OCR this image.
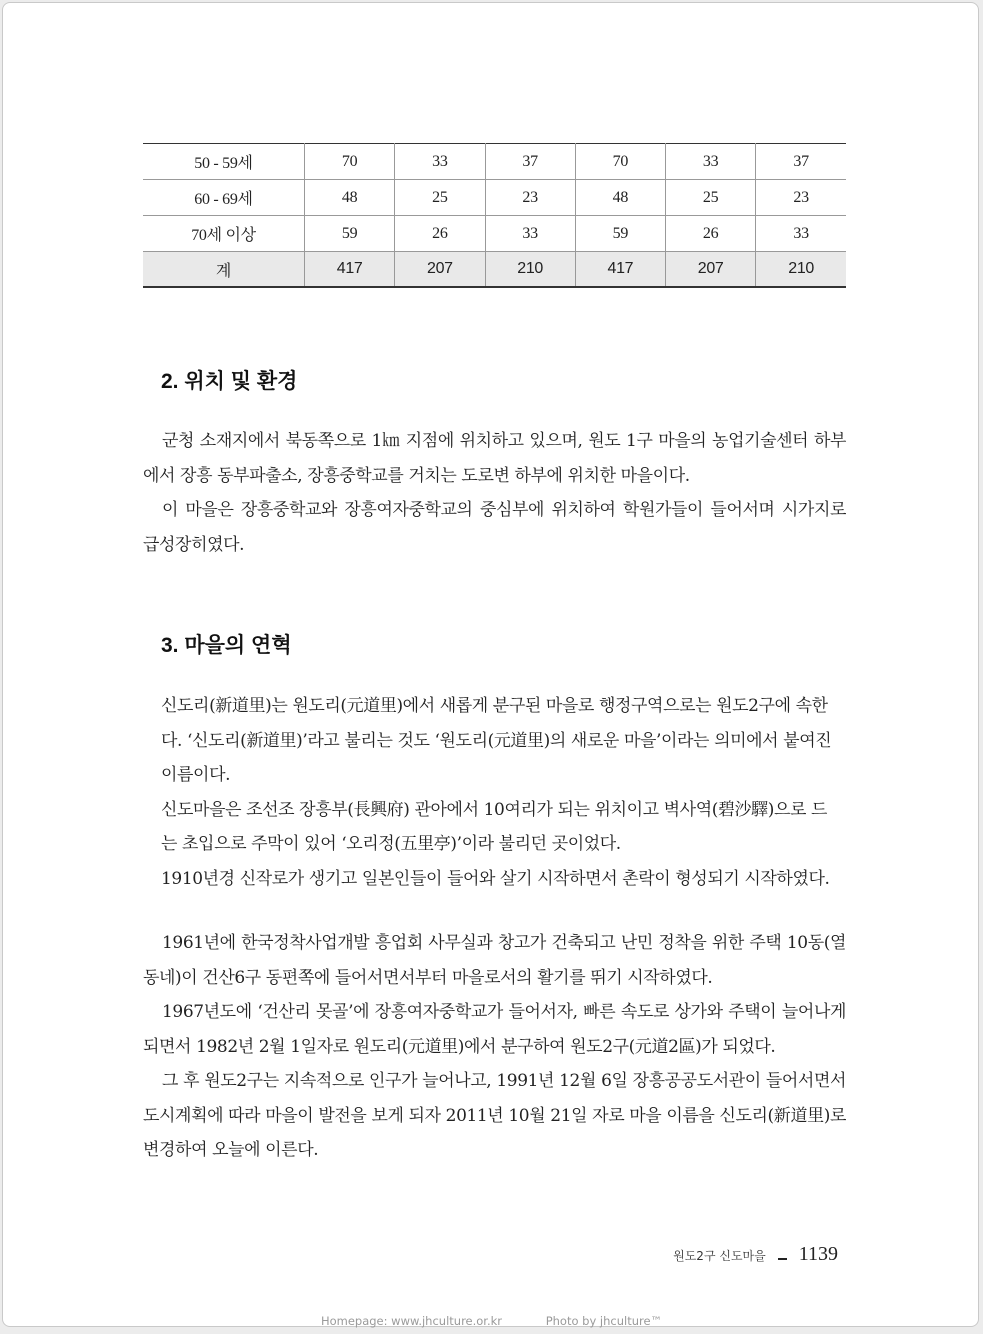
50 - 59세	70	33	37	70	33	37
60 - 69세	48	25	23	48	25	23
70세 이상	59	26	33	59	26	33
계	417	207	210	417	207	210
2. 위치 및 환경

군청 소재지에서 북동쪽으로 1㎞ 지점에 위치하고 있으며, 원도 1구 마을의 농업기술센터 하부에서 장흥 동부파출소, 장흥중학교를 거치는 도로변 하부에 위치한 마을이다.

이 마을은 장흥중학교와 장흥여자중학교의 중심부에 위치하여 학원가들이 들어서며 시가지로 급성장히였다.

3. 마을의 연혁

신도리(新道里)는 원도리(元道里)에서 새롭게 분구된 마을로 행정구역으로는 원도2구에 속한다. ‘신도리(新道里)’라고 불리는 것도 ‘원도리(元道里)의 새로운 마을’이라는 의미에서 붙여진 이름이다.

신도마을은 조선조 장흥부(長興府) 관아에서 10여리가 되는 위치이고 벽사역(碧沙驛)으로 드는 초입으로 주막이 있어 ‘오리정(五里亭)’이라 불리던 곳이었다.

1910년경 신작로가 생기고 일본인들이 들어와 살기 시작하면서 촌락이 형성되기 시작하였다.

1961년에 한국정착사업개발 흥업회 사무실과 창고가 건축되고 난민 정착을 위한 주택 10동(열동네)이 건산6구 동편쪽에 들어서면서부터 마을로서의 활기를 뛰기 시작하였다.

1967년도에 ‘건산리 못골’에 장흥여자중학교가 들어서자, 빠른 속도로 상가와 주택이 늘어나게 되면서 1982년 2월 1일자로 원도리(元道里)에서 분구하여 원도2구(元道2區)가 되었다.

그 후 원도2구는 지속적으로 인구가 늘어나고, 1991년 12월 6일 장흥공공도서관이 들어서면서 도시계획에 따라 마을이 발전을 보게 되자 2011년 10월 21일 자로 마을 이름을 신도리(新道里)로 변경하여 오늘에 이른다.

원도2구 신도마을 1139
Homepage: www.jhculture.or.kr	Photo by jhculture™
